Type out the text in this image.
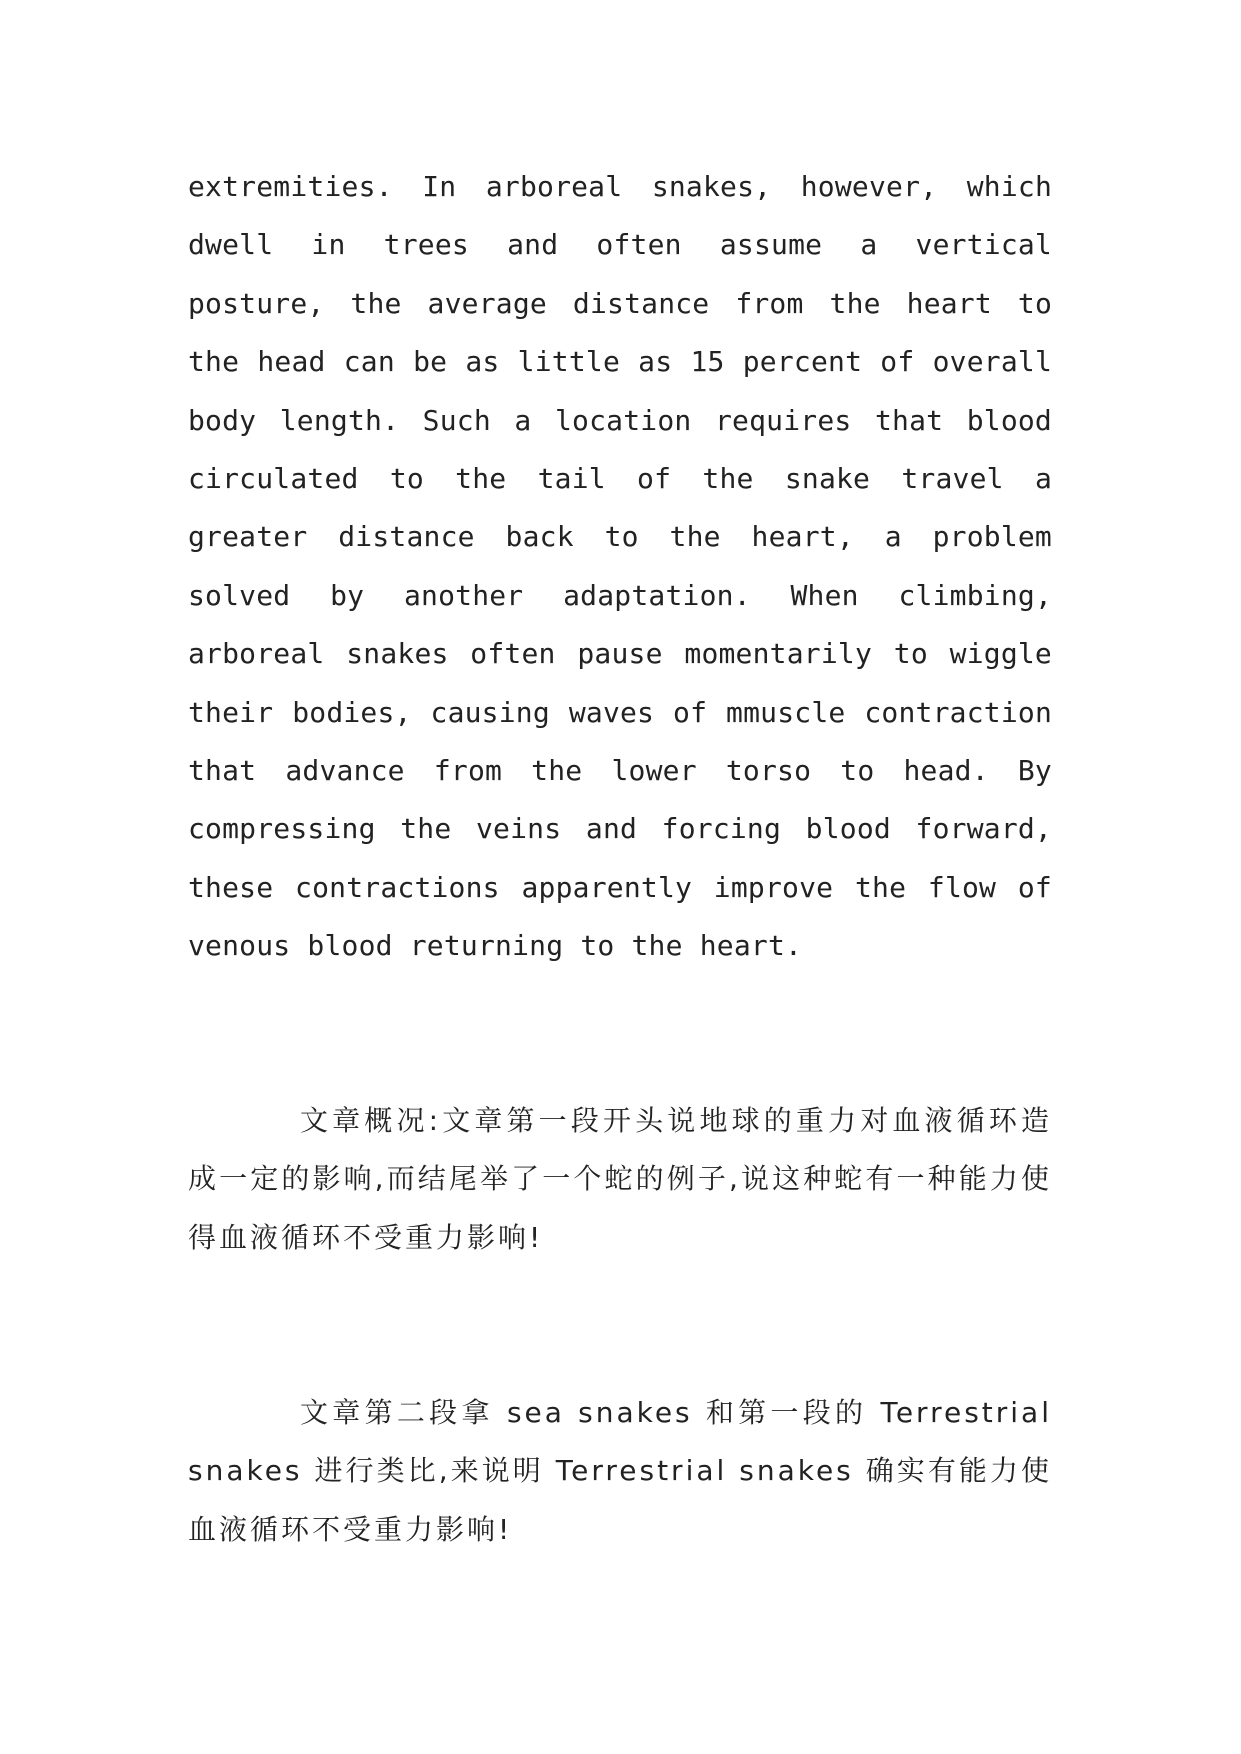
extremities. In arboreal snakes, however, which dwell in trees and often assume a vertical posture, the average distance from the heart to the head can be as little as 15 percent of overall body length. Such a location requires that blood circulated to the tail of the snake travel a greater distance back to the heart, a problem solved by another adaptation. When climbing, arboreal snakes often pause momentarily to wiggle their bodies, causing waves of mmuscle contraction that advance from the lower torso to head. By compressing the veins and forcing blood forward, these contractions apparently improve the flow of venous blood returning to the heart.

文章概况:文章第一段开头说地球的重力对血液循环造成一定的影响,而结尾举了一个蛇的例子,说这种蛇有一种能力使得血液循环不受重力影响!

文章第二段拿 sea snakes 和第一段的 Terrestrial snakes 进行类比,来说明 Terrestrial snakes 确实有能力使血液循环不受重力影响!
